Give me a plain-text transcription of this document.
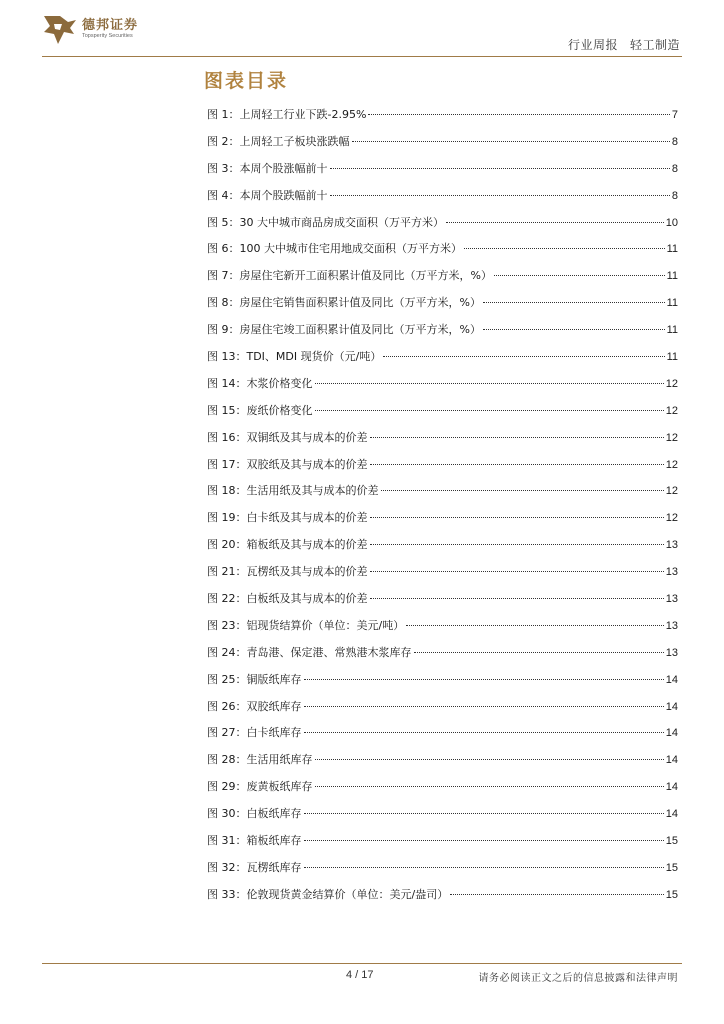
德邦证券
Topsperity Securities
行业周报 轻工制造
图表目录
图 1：上周轻工行业下跌-2.95%	7
图 2：上周轻工子板块涨跌幅	8
图 3：本周个股涨幅前十	8
图 4：本周个股跌幅前十	8
图 5：30 大中城市商品房成交面积（万平方米）	10
图 6：100 大中城市住宅用地成交面积（万平方米）	11
图 7：房屋住宅新开工面积累计值及同比（万平方米，%）	11
图 8：房屋住宅销售面积累计值及同比（万平方米，%）	11
图 9：房屋住宅竣工面积累计值及同比（万平方米，%）	11
图 13：TDI、MDI 现货价（元/吨）	11
图 14：木浆价格变化	12
图 15：废纸价格变化	12
图 16：双铜纸及其与成本的价差	12
图 17：双胶纸及其与成本的价差	12
图 18：生活用纸及其与成本的价差	12
图 19：白卡纸及其与成本的价差	12
图 20：箱板纸及其与成本的价差	13
图 21：瓦楞纸及其与成本的价差	13
图 22：白板纸及其与成本的价差	13
图 23：铝现货结算价（单位：美元/吨）	13
图 24：青岛港、保定港、常熟港木浆库存	13
图 25：铜版纸库存	14
图 26：双胶纸库存	14
图 27：白卡纸库存	14
图 28：生活用纸库存	14
图 29：废黄板纸库存	14
图 30：白板纸库存	14
图 31：箱板纸库存	15
图 32：瓦楞纸库存	15
图 33：伦敦现货黄金结算价（单位：美元/盎司）	15
4 / 17	请务必阅读正文之后的信息披露和法律声明
